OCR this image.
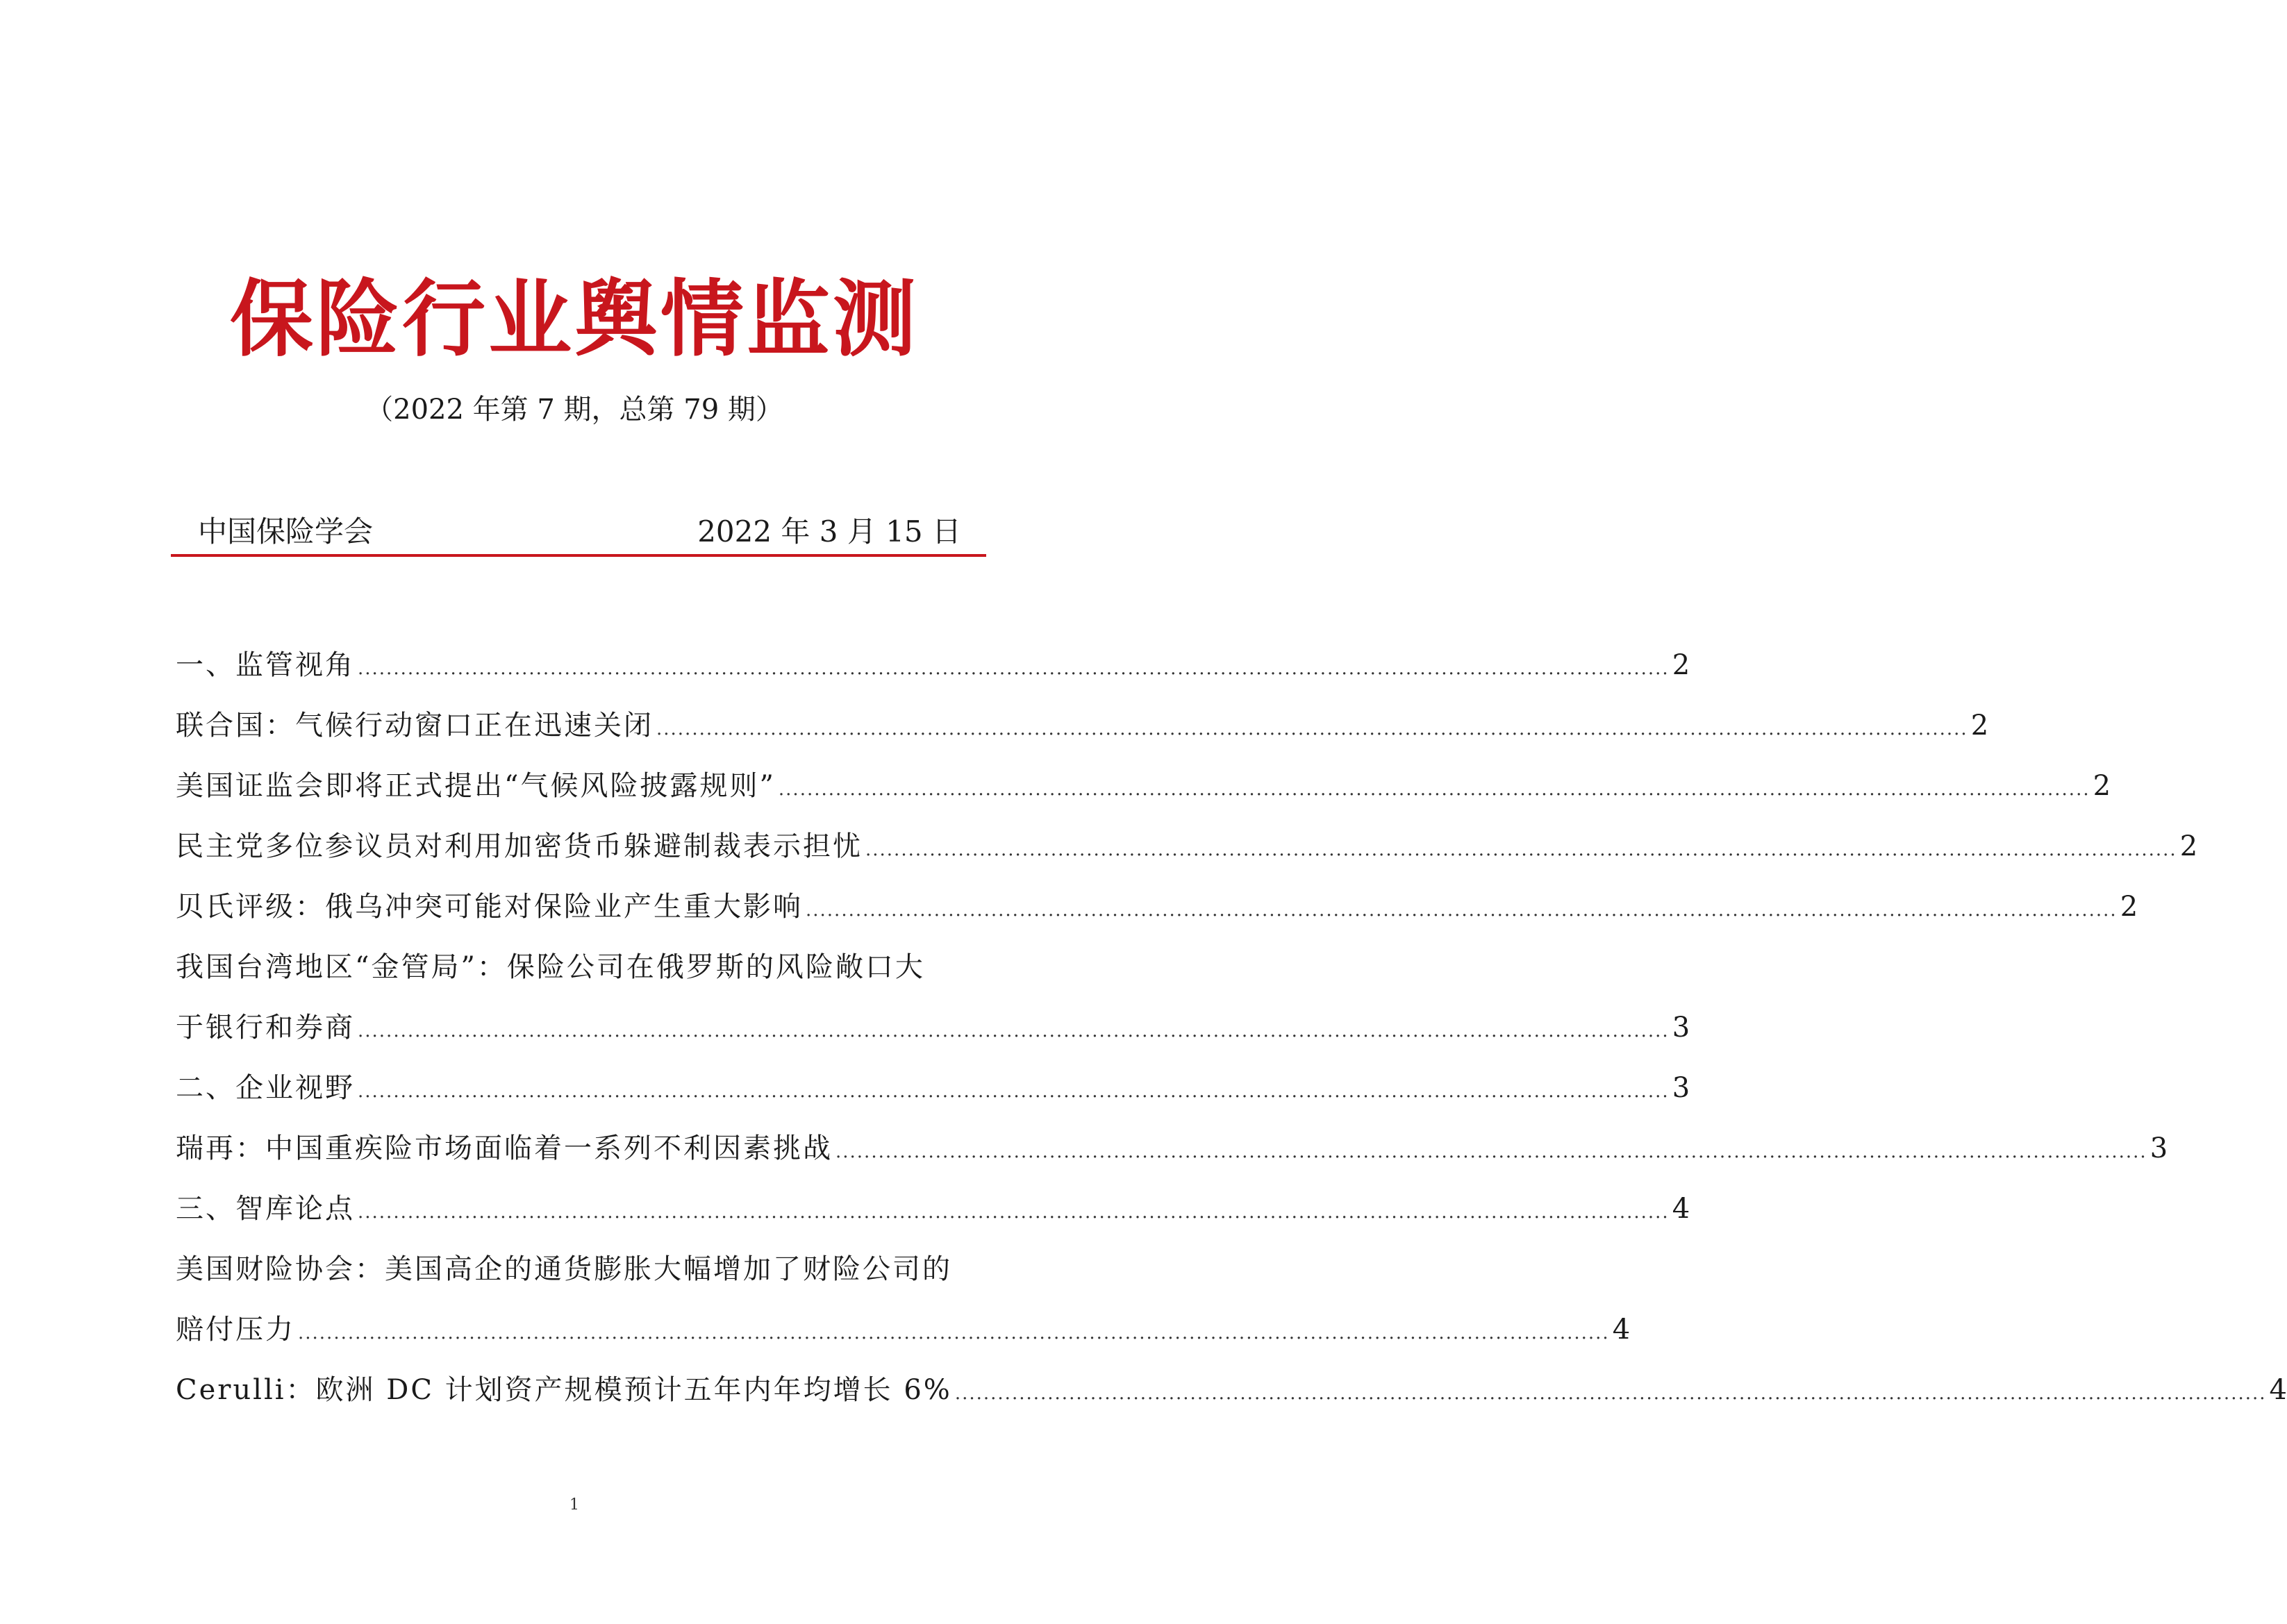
保险行业舆情监测
（2022 年第 7 期，总第 79 期）
中国保险学会	2022 年 3 月 15 日
一、监管视角 ........................................................................................................................................................................................ 2
联合国：气候行动窗口正在迅速关闭 ........................................................................................................................................................................................ 2
美国证监会即将正式提出“气候风险披露规则” ........................................................................................................................................................................................ 2
民主党多位参议员对利用加密货币躲避制裁表示担忧 ........................................................................................................................................................................................ 2
贝氏评级：俄乌冲突可能对保险业产生重大影响 ........................................................................................................................................................................................ 2
我国台湾地区“金管局”：保险公司在俄罗斯的风险敞口大
于银行和券商 ........................................................................................................................................................................................ 3
二、企业视野 ........................................................................................................................................................................................ 3
瑞再：中国重疾险市场面临着一系列不利因素挑战 ........................................................................................................................................................................................ 3
三、智库论点 ........................................................................................................................................................................................ 4
美国财险协会：美国高企的通货膨胀大幅增加了财险公司的
赔付压力 ........................................................................................................................................................................................ 4
Cerulli：欧洲 DC 计划资产规模预计五年内年均增长 6% ........................................................................................................................................................................................ 4
1
